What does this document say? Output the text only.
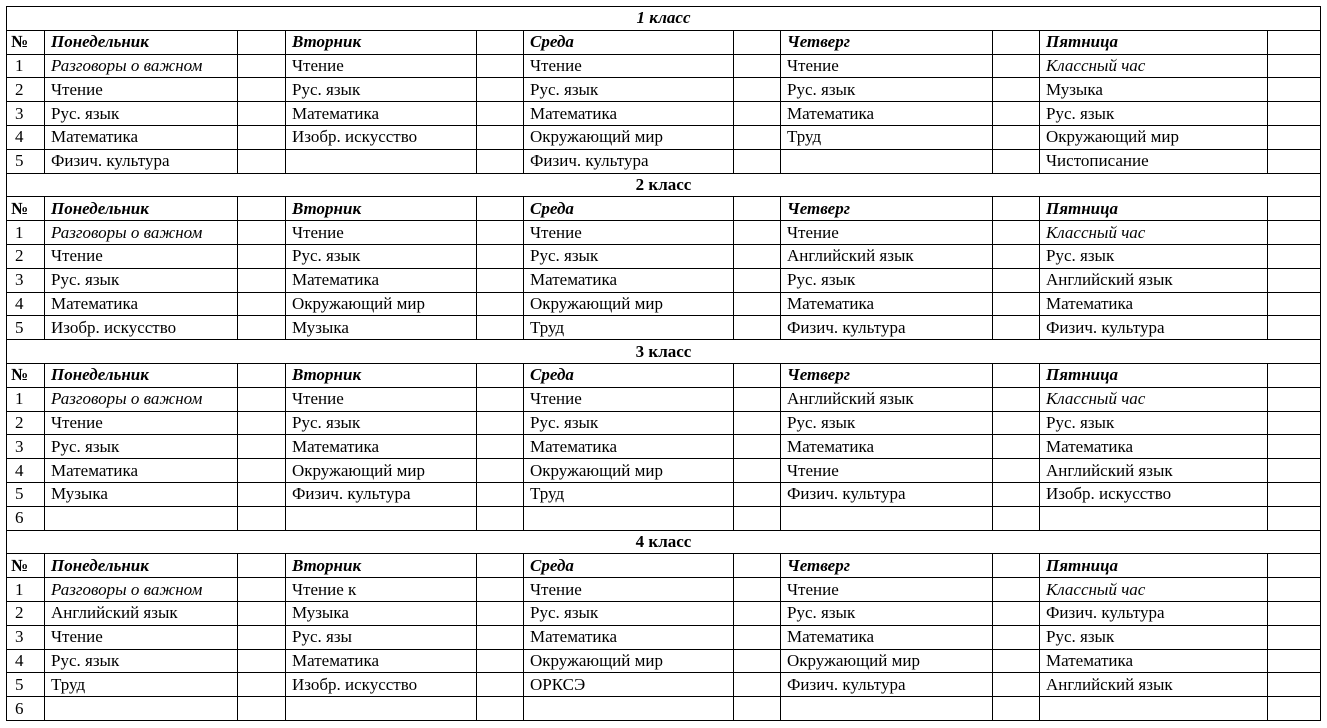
1 класс										
№	Понедельник		Вторник		Среда		Четверг		Пятница	
1	Разговоры о важном		Чтение		Чтение		Чтение		Классный час	
2	Чтение		Рус. язык		Рус. язык		Рус. язык		Музыка	
3	Рус. язык		Математика		Математика		Математика		Рус. язык	
4	Математика		Изобр. искусство		Окружающий мир		Труд		Окружающий мир	
5	Физич. культура				Физич. культура				Чистописание	
2 класс										
№	Понедельник		Вторник		Среда		Четверг		Пятница	
1	Разговоры о важном		Чтение		Чтение		Чтение		Классный час	
2	Чтение		Рус. язык		Рус. язык		Английский язык		Рус. язык	
3	Рус. язык		Математика		Математика		Рус. язык		Английский язык	
4	Математика		Окружающий мир		Окружающий мир		Математика		Математика	
5	Изобр. искусство		Музыка		Труд		Физич. культура		Физич. культура	
3 класс										
№	Понедельник		Вторник		Среда		Четверг		Пятница	
1	Разговоры о важном		Чтение		Чтение		Английский язык		Классный час	
2	Чтение		Рус. язык		Рус. язык		Рус. язык		Рус. язык	
3	Рус. язык		Математика		Математика		Математика		Математика	
4	Математика		Окружающий мир		Окружающий мир		Чтение		Английский язык	
5	Музыка		Физич. культура		Труд		Физич. культура		Изобр. искусство	
6										
4 класс										
№	Понедельник		Вторник		Среда		Четверг		Пятница	
1	Разговоры о важном		Чтение к		Чтение		Чтение		Классный час	
2	Английский язык		Музыка		Рус. язык		Рус. язык		Физич. культура	
3	Чтение		Рус. язы		Математика		Математика		Рус. язык	
4	Рус. язык		Математика		Окружающий мир		Окружающий мир		Математика	
5	Труд		Изобр. искусство		ОРКСЭ		Физич. культура		Английский язык	
6										
